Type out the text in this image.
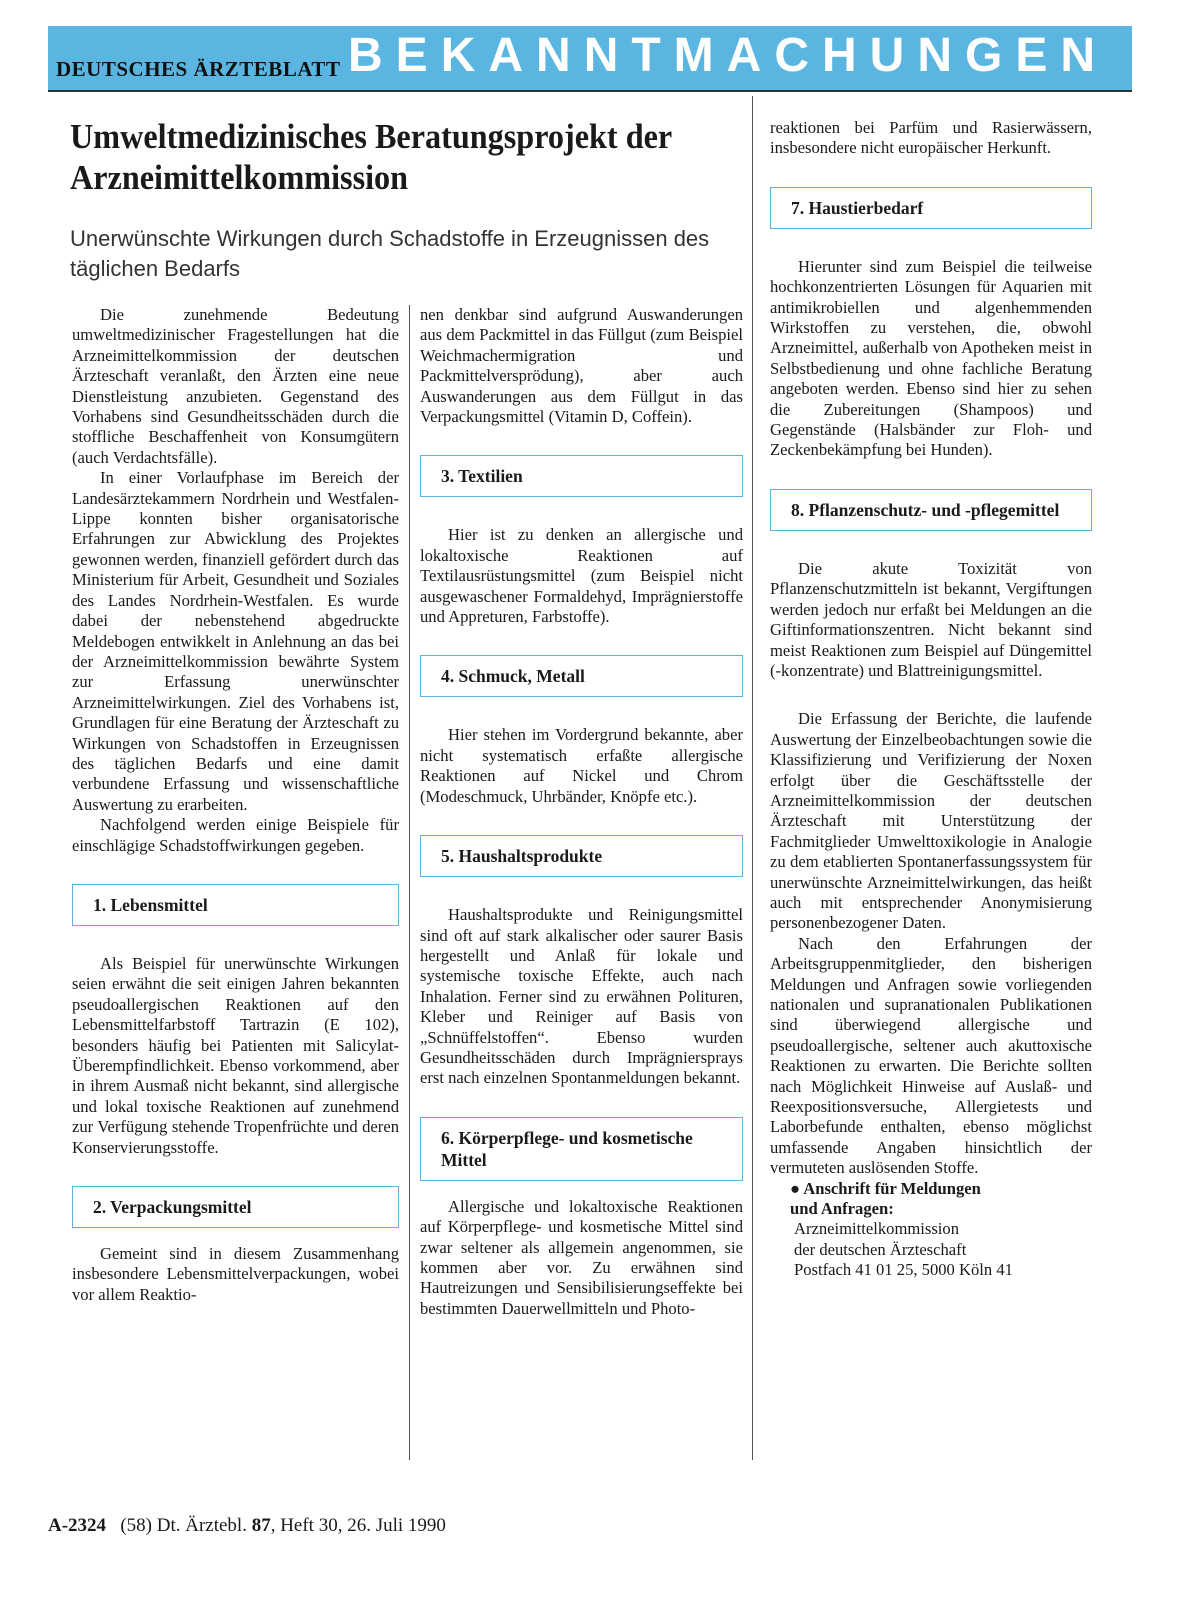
DEUTSCHES ÄRZTEBLATT BEKANNTMACHUNGEN
Umweltmedizinisches Beratungsprojekt der Arzneimittelkommission
Unerwünschte Wirkungen durch Schadstoffe in Erzeugnissen des täglichen Bedarfs

Die zunehmende Bedeutung umweltmedizinischer Fragestellungen hat die Arzneimittelkommission der deutschen Ärzteschaft veranlaßt, den Ärzten eine neue Dienstleistung anzubieten. Gegenstand des Vorhabens sind Gesundheitsschäden durch die stoffliche Beschaffenheit von Konsumgütern (auch Verdachtsfälle).

In einer Vorlaufphase im Bereich der Landesärztekammern Nordrhein und Westfalen-Lippe konnten bisher organisatorische Erfahrungen zur Abwicklung des Projektes gewonnen werden, finanziell gefördert durch das Ministerium für Arbeit, Gesundheit und Soziales des Landes Nordrhein-Westfalen. Es wurde dabei der nebenstehend abgedruckte Meldebogen entwikkelt in Anlehnung an das bei der Arzneimittelkommission bewährte System zur Erfassung unerwünschter Arzneimittelwirkungen. Ziel des Vorhabens ist, Grundlagen für eine Beratung der Ärzteschaft zu Wirkungen von Schadstoffen in Erzeugnissen des täglichen Bedarfs und eine damit verbundene Erfassung und wissenschaftliche Auswertung zu erarbeiten.

Nachfolgend werden einige Beispiele für einschlägige Schadstoffwirkungen gegeben.

1. Lebensmittel

Als Beispiel für unerwünschte Wirkungen seien erwähnt die seit einigen Jahren bekannten pseudoallergischen Reaktionen auf den Lebensmittelfarbstoff Tartrazin (E 102), besonders häufig bei Patienten mit Salicylat-Überempfindlichkeit. Ebenso vorkommend, aber in ihrem Ausmaß nicht bekannt, sind allergische und lokal toxische Reaktionen auf zunehmend zur Verfügung stehende Tropenfrüchte und deren Konservierungsstoffe.

2. Verpackungsmittel

Gemeint sind in diesem Zusammenhang insbesondere Lebensmittelverpackungen, wobei vor allem Reaktio-

nen denkbar sind aufgrund Auswanderungen aus dem Packmittel in das Füllgut (zum Beispiel Weichmachermigration und Packmittelversprödung), aber auch Auswanderungen aus dem Füllgut in das Verpackungsmittel (Vitamin D, Coffein).

3. Textilien

Hier ist zu denken an allergische und lokaltoxische Reaktionen auf Textilausrüstungsmittel (zum Beispiel nicht ausgewaschener Formaldehyd, Imprägnierstoffe und Appreturen, Farbstoffe).

4. Schmuck, Metall

Hier stehen im Vordergrund bekannte, aber nicht systematisch erfaßte allergische Reaktionen auf Nickel und Chrom (Modeschmuck, Uhrbänder, Knöpfe etc.).

5. Haushaltsprodukte

Haushaltsprodukte und Reinigungsmittel sind oft auf stark alkalischer oder saurer Basis hergestellt und Anlaß für lokale und systemische toxische Effekte, auch nach Inhalation. Ferner sind zu erwähnen Polituren, Kleber und Reiniger auf Basis von „Schnüffelstoffen“. Ebenso wurden Gesundheitsschäden durch Imprägniersprays erst nach einzelnen Spontanmeldungen bekannt.

6. Körperpflege- und kosmetische Mittel

Allergische und lokaltoxische Reaktionen auf Körperpflege- und kosmetische Mittel sind zwar seltener als allgemein angenommen, sie kommen aber vor. Zu erwähnen sind Hautreizungen und Sensibilisierungseffekte bei bestimmten Dauerwellmitteln und Photo-

reaktionen bei Parfüm und Rasierwässern, insbesondere nicht europäischer Herkunft.

7. Haustierbedarf

Hierunter sind zum Beispiel die teilweise hochkonzentrierten Lösungen für Aquarien mit antimikrobiellen und algenhemmenden Wirkstoffen zu verstehen, die, obwohl Arzneimittel, außerhalb von Apotheken meist in Selbstbedienung und ohne fachliche Beratung angeboten werden. Ebenso sind hier zu sehen die Zubereitungen (Shampoos) und Gegenstände (Halsbänder zur Floh- und Zeckenbekämpfung bei Hunden).

8. Pflanzenschutz- und -pflegemittel

Die akute Toxizität von Pflanzenschutzmitteln ist bekannt, Vergiftungen werden jedoch nur erfaßt bei Meldungen an die Giftinformationszentren. Nicht bekannt sind meist Reaktionen zum Beispiel auf Düngemittel (-konzentrate) und Blattreinigungsmittel.

Die Erfassung der Berichte, die laufende Auswertung der Einzelbeobachtungen sowie die Klassifizierung und Verifizierung der Noxen erfolgt über die Geschäftsstelle der Arzneimittelkommission der deutschen Ärzteschaft mit Unterstützung der Fachmitglieder Umwelttoxikologie in Analogie zu dem etablierten Spontanerfassungssystem für unerwünschte Arzneimittelwirkungen, das heißt auch mit entsprechender Anonymisierung personenbezogener Daten.

Nach den Erfahrungen der Arbeitsgruppenmitglieder, den bisherigen Meldungen und Anfragen sowie vorliegenden nationalen und supranationalen Publikationen sind überwiegend allergische und pseudoallergische, seltener auch akuttoxische Reaktionen zu erwarten. Die Berichte sollten nach Möglichkeit Hinweise auf Auslaß- und Reexpositionsversuche, Allergietests und Laborbefunde enthalten, ebenso möglichst umfassende Angaben hinsichtlich der vermuteten auslösenden Stoffe.

● Anschrift für Meldungen
und Anfragen:
Arzneimittelkommission
der deutschen Ärzteschaft
Postfach 41 01 25, 5000 Köln 41
A-2324 (58) Dt. Ärztebl. 87, Heft 30, 26. Juli 1990
